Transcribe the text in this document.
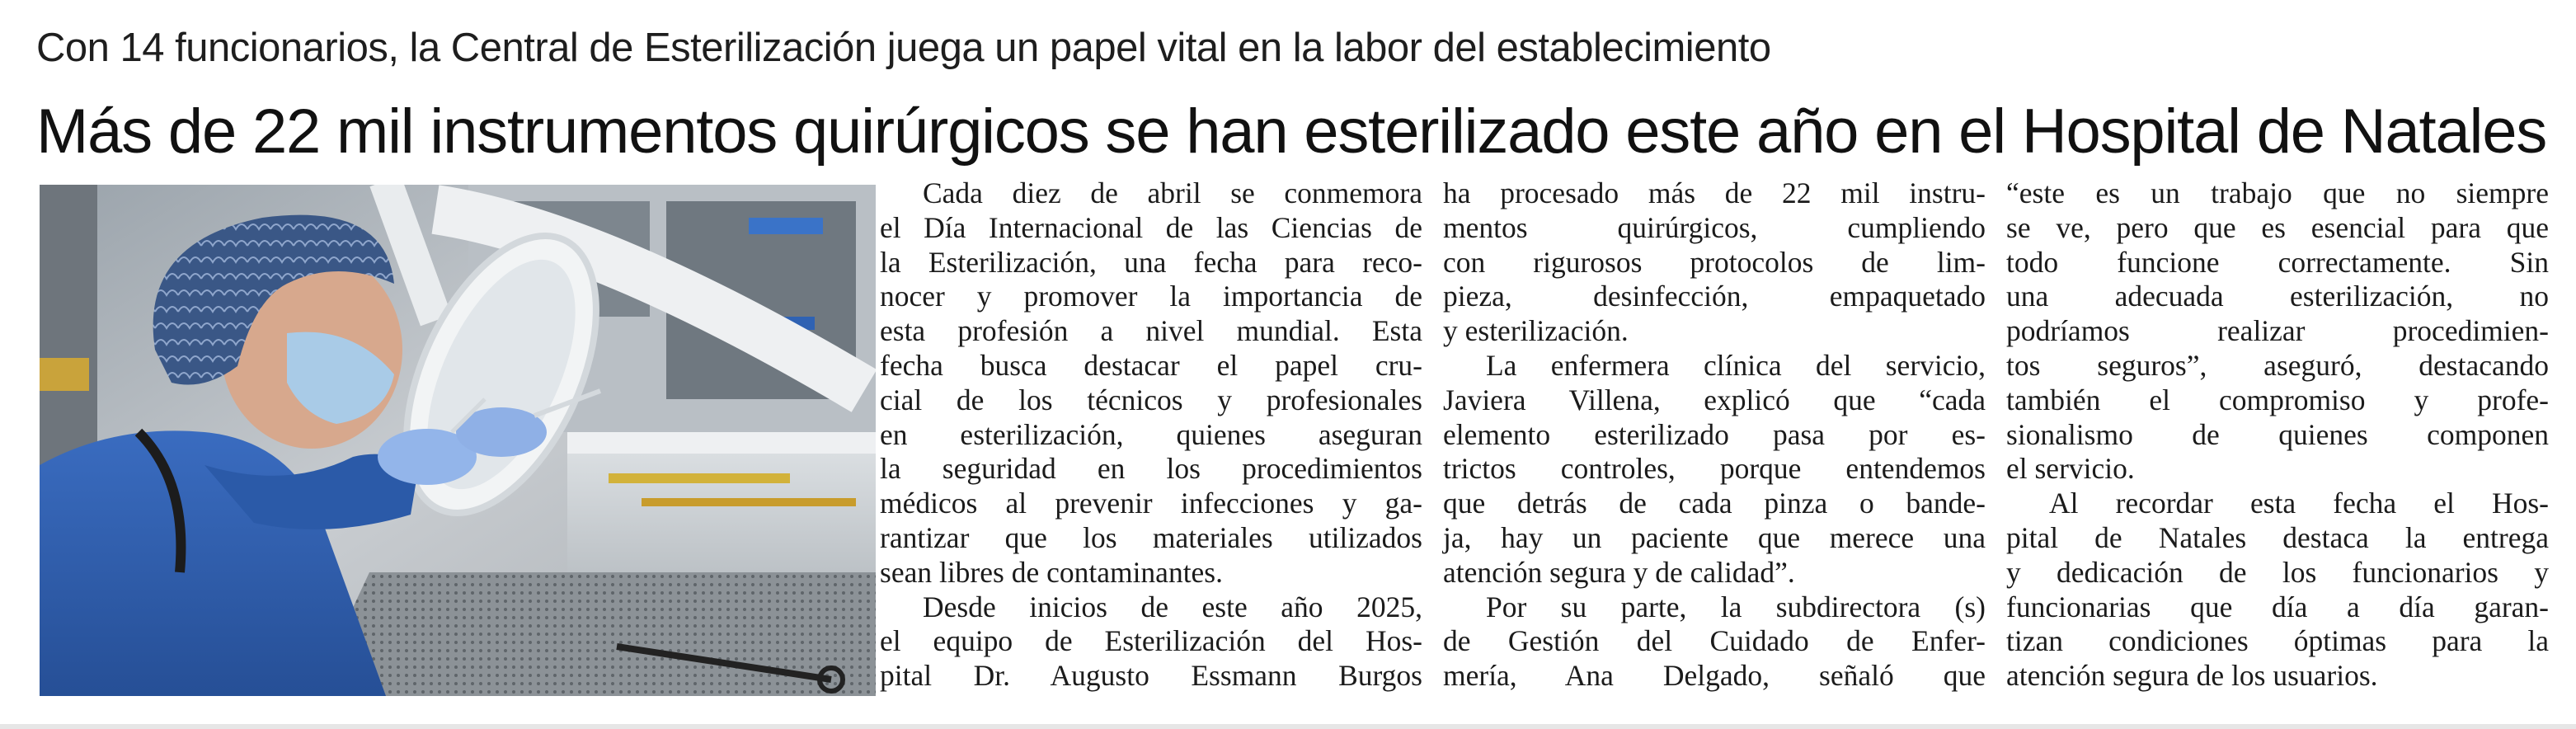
Con 14 funcionarios, la Central de Esterilización juega un papel vital en la labor del establecimiento
Más de 22 mil instrumentos quirúrgicos se han esterilizado este año en el Hospital de Natales
Cada diez de abril se conmemora
el Día Internacional de las Ciencias de
la Esterilización, una fecha para reco-
nocer y promover la importancia de
esta profesión a nivel mundial. Esta
fecha busca destacar el papel cru-
cial de los técnicos y profesionales
en esterilización, quienes aseguran
la seguridad en los procedimientos
médicos al prevenir infecciones y ga-
rantizar que los materiales utilizados
sean libres de contaminantes.
Desde inicios de este año 2025,
el equipo de Esterilización del Hos-
pital Dr. Augusto Essmann Burgos
ha procesado más de 22 mil instru-
mentos quirúrgicos, cumpliendo
con rigurosos protocolos de lim-
pieza, desinfección, empaquetado
y esterilización.
La enfermera clínica del servicio,
Javiera Villena, explicó que “cada
elemento esterilizado pasa por es-
trictos controles, porque entendemos
que detrás de cada pinza o bande-
ja, hay un paciente que merece una
atención segura y de calidad”.
Por su parte, la subdirectora (s)
de Gestión del Cuidado de Enfer-
mería, Ana Delgado, señaló que
“este es un trabajo que no siempre
se ve, pero que es esencial para que
todo funcione correctamente. Sin
una adecuada esterilización, no
podríamos realizar procedimien-
tos seguros”, aseguró, destacando
también el compromiso y profe-
sionalismo de quienes componen
el servicio.
Al recordar esta fecha el Hos-
pital de Natales destaca la entrega
y dedicación de los funcionarios y
funcionarias que día a día garan-
tizan condiciones óptimas para la
atención segura de los usuarios.
